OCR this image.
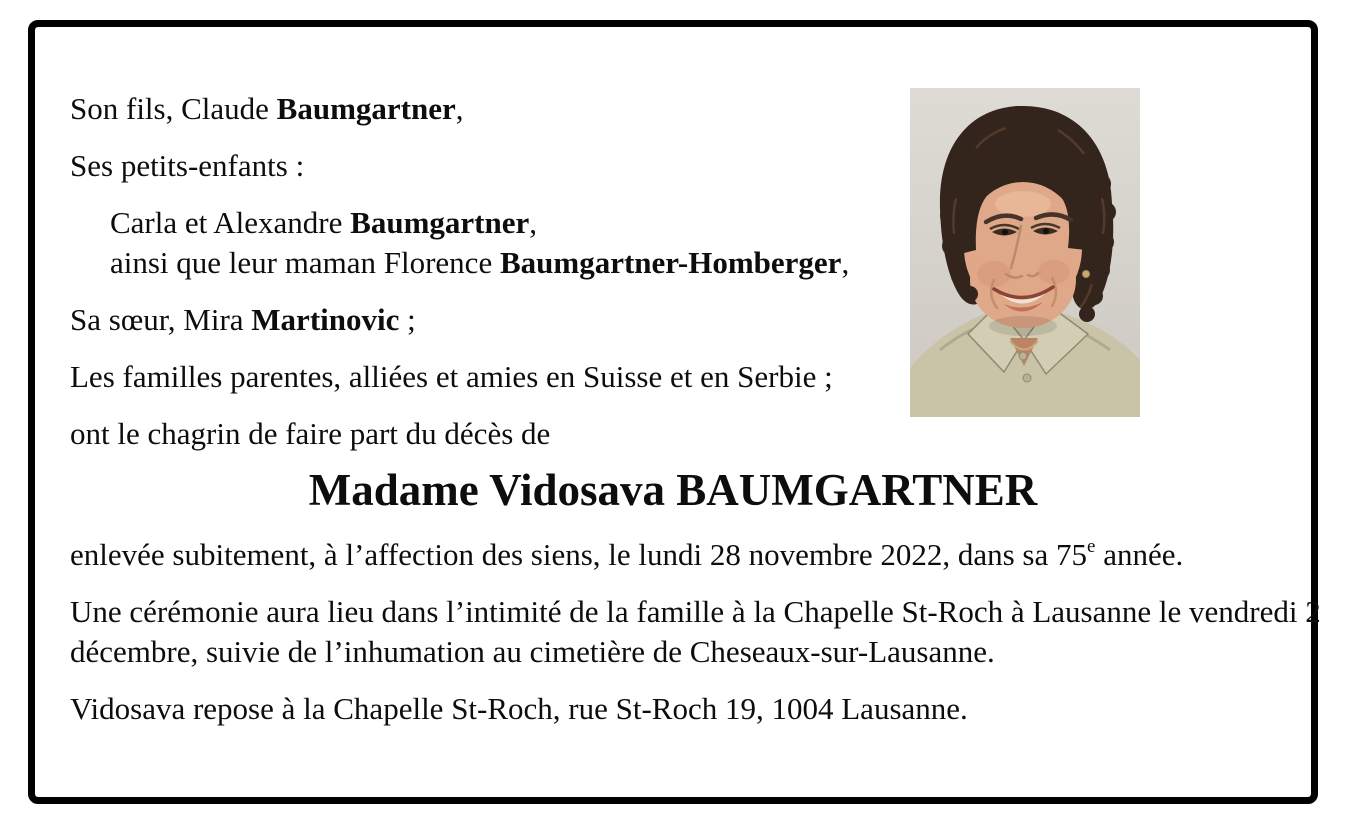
Son fils, Claude Baumgartner,

Ses petits-enfants :

Carla et Alexandre Baumgartner,
ainsi que leur maman Florence Baumgartner-Homberger,

Sa sœur, Mira Martinovic ;

Les familles parentes, alliées et amies en Suisse et en Serbie ;

ont le chagrin de faire part du décès de

Madame Vidosava BAUMGARTNER

enlevée subitement, à l’affection des siens, le lundi 28 novembre 2022, dans sa 75e année.

Une cérémonie aura lieu dans l’intimité de la famille à la Chapelle St-Roch à Lausanne le vendredi 2
décembre, suivie de l’inhumation au cimetière de Cheseaux-sur-Lausanne.

Vidosava repose à la Chapelle St-Roch, rue St-Roch 19, 1004 Lausanne.
